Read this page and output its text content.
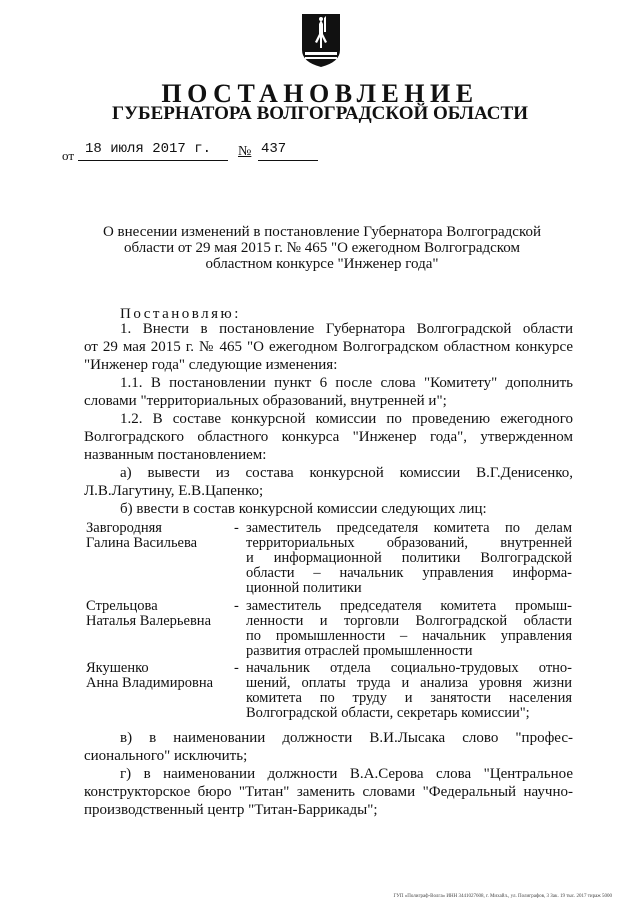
ПОСТАНОВЛЕНИЕ
ГУБЕРНАТОРА ВОЛГОГРАДСКОЙ ОБЛАСТИ
от 18 июля 2017 г.	№ 437
О внесении изменений в постановление Губернатора Волгоградской
области от 29 мая 2015 г. № 465 "О ежегодном Волгоградском
областном конкурсе "Инженер года"
Постановляю:
1. Внести в постановление Губернатора Волгоградской области
от 29 мая 2015 г. № 465 "О ежегодном Волгоградском областном конкурсе
"Инженер года" следующие изменения:
1.1. В постановлении пункт 6 после слова "Комитету" дополнить
словами "территориальных образований, внутренней и";
1.2. В составе конкурсной комиссии по проведению ежегодного
Волгоградского областного конкурса "Инженер года", утвержденном
названным постановлением:
а) вывести из состава конкурсной комиссии В.Г.Денисенко,
Л.В.Лагутину, Е.В.Цапенко;
б) ввести в состав конкурсной комиссии следующих лиц:
Завгородняя
Галина Васильева
- заместитель председателя комитета по делам
территориальных образований, внутренней
и информационной политики Волгоградской
области – начальник управления информа-
ционной политики
Стрельцова
Наталья Валерьевна
- заместитель председателя комитета промыш-
ленности и торговли Волгоградской области
по промышленности – начальник управления
развития отраслей промышленности
Якушенко
Анна Владимировна
- начальник отдела социально-трудовых отно-
шений, оплаты труда и анализа уровня жизни
комитета по труду и занятости населения
Волгоградской области, секретарь комиссии";
в) в наименовании должности В.И.Лысака слово "профес-
сионального" исключить;
г) в наименовании должности В.А.Серова слова "Центральное
конструкторское бюро "Титан" заменить словами "Федеральный научно-
производственный центр "Титан-Баррикады";
ГУП «Полиграф-Волга» ИНН 3441027608, г. Михайл., ул. Полиграфов, 3 Зак. 19 тыс. 2017 тираж 5000
